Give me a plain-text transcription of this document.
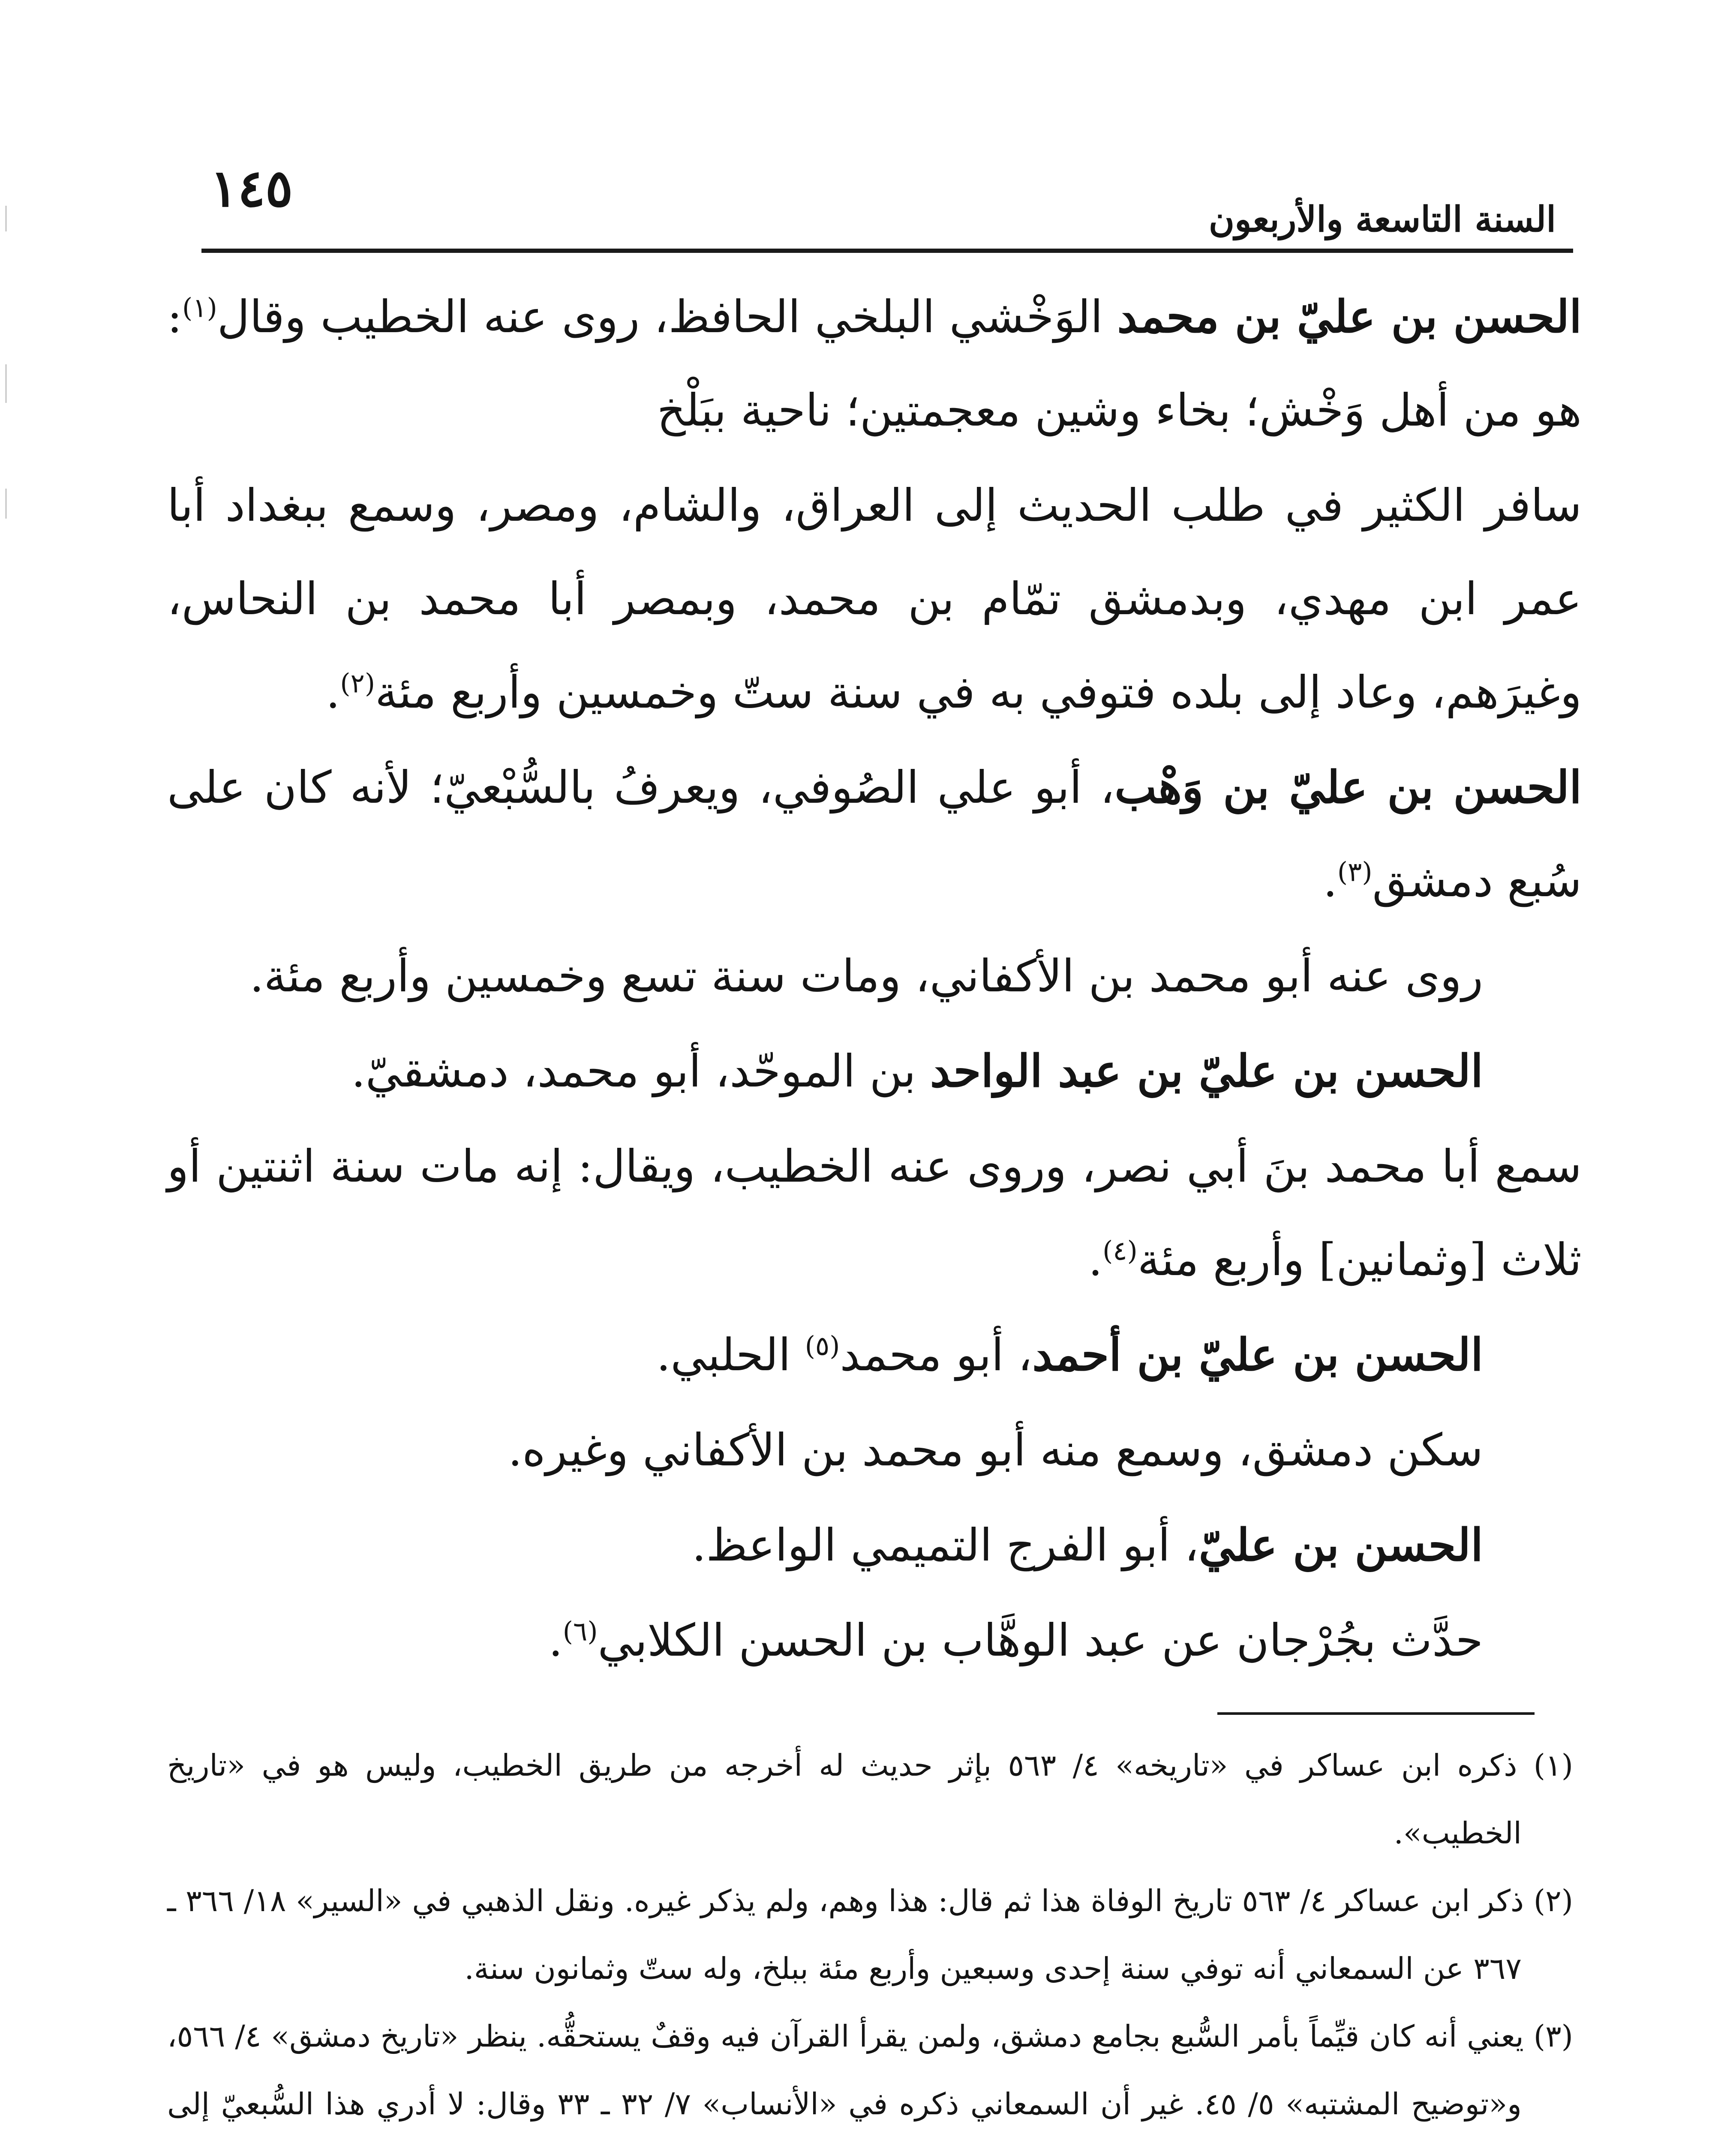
١٤٥
السنة التاسعة والأربعون

الحسن بن عليّ بن محمد الوَخْشي البلخي الحافظ، روى عنه الخطيب وقال$^{(١)}$: هو من أهل وَخْش؛ بخاء وشين معجمتين؛ ناحية ببَلْخ

سافر الكثير في طلب الحديث إلى العراق، والشام، ومصر، وسمع ببغداد أبا عمر ابن مهدي، وبدمشق تمّام بن محمد، وبمصر أبا محمد بن النحاس، وغيرَهم، وعاد إلى بلده فتوفي به في سنة ستّ وخمسين وأربع مئة$^{(٢)}$.

الحسن بن عليّ بن وَهْب، أبو علي الصُوفي، ويعرفُ بالسُّبْعيّ؛ لأنه كان على سُبع دمشق$^{(٣)}$.

روى عنه أبو محمد بن الأكفاني، ومات سنة تسع وخمسين وأربع مئة.

الحسن بن عليّ بن عبد الواحد بن الموحّد، أبو محمد، دمشقيّ.

سمع أبا محمد بنَ أبي نصر، وروى عنه الخطيب، ويقال: إنه مات سنة اثنتين أو ثلاث [وثمانين] وأربع مئة$^{(٤)}$.

الحسن بن عليّ بن أحمد، أبو محمد$^{(٥)}$ الحلبي.

سكن دمشق، وسمع منه أبو محمد بن الأكفاني وغيره.

الحسن بن عليّ، أبو الفرج التميمي الواعظ.

حدَّث بجُرْجان عن عبد الوهَّاب بن الحسن الكلابي$^{(٦)}$.

(١) ذكره ابن عساكر في «تاريخه» ٤/ ٥٦٣ بإثر حديث له أخرجه من طريق الخطيب، وليس هو في «تاريخ الخطيب».

(٢) ذكر ابن عساكر ٤/ ٥٦٣ تاريخ الوفاة هذا ثم قال: هذا وهم، ولم يذكر غيره. ونقل الذهبي في «السير» ١٨/ ٣٦٦ ـ ٣٦٧ عن السمعاني أنه توفي سنة إحدى وسبعين وأربع مئة ببلخ، وله ستّ وثمانون سنة.

(٣) يعني أنه كان قيِّماً بأمر السُّبع بجامع دمشق، ولمن يقرأ القرآن فيه وقفٌ يستحقُّه. ينظر «تاريخ دمشق» ٤/ ٥٦٦، و«توضيح المشتبه» ٥/ ٤٥. غير أن السمعاني ذكره في «الأنساب» ٧/ ٣٢ ـ ٣٣ وقال: لا أدري هذا السُّبعيّ إلى
